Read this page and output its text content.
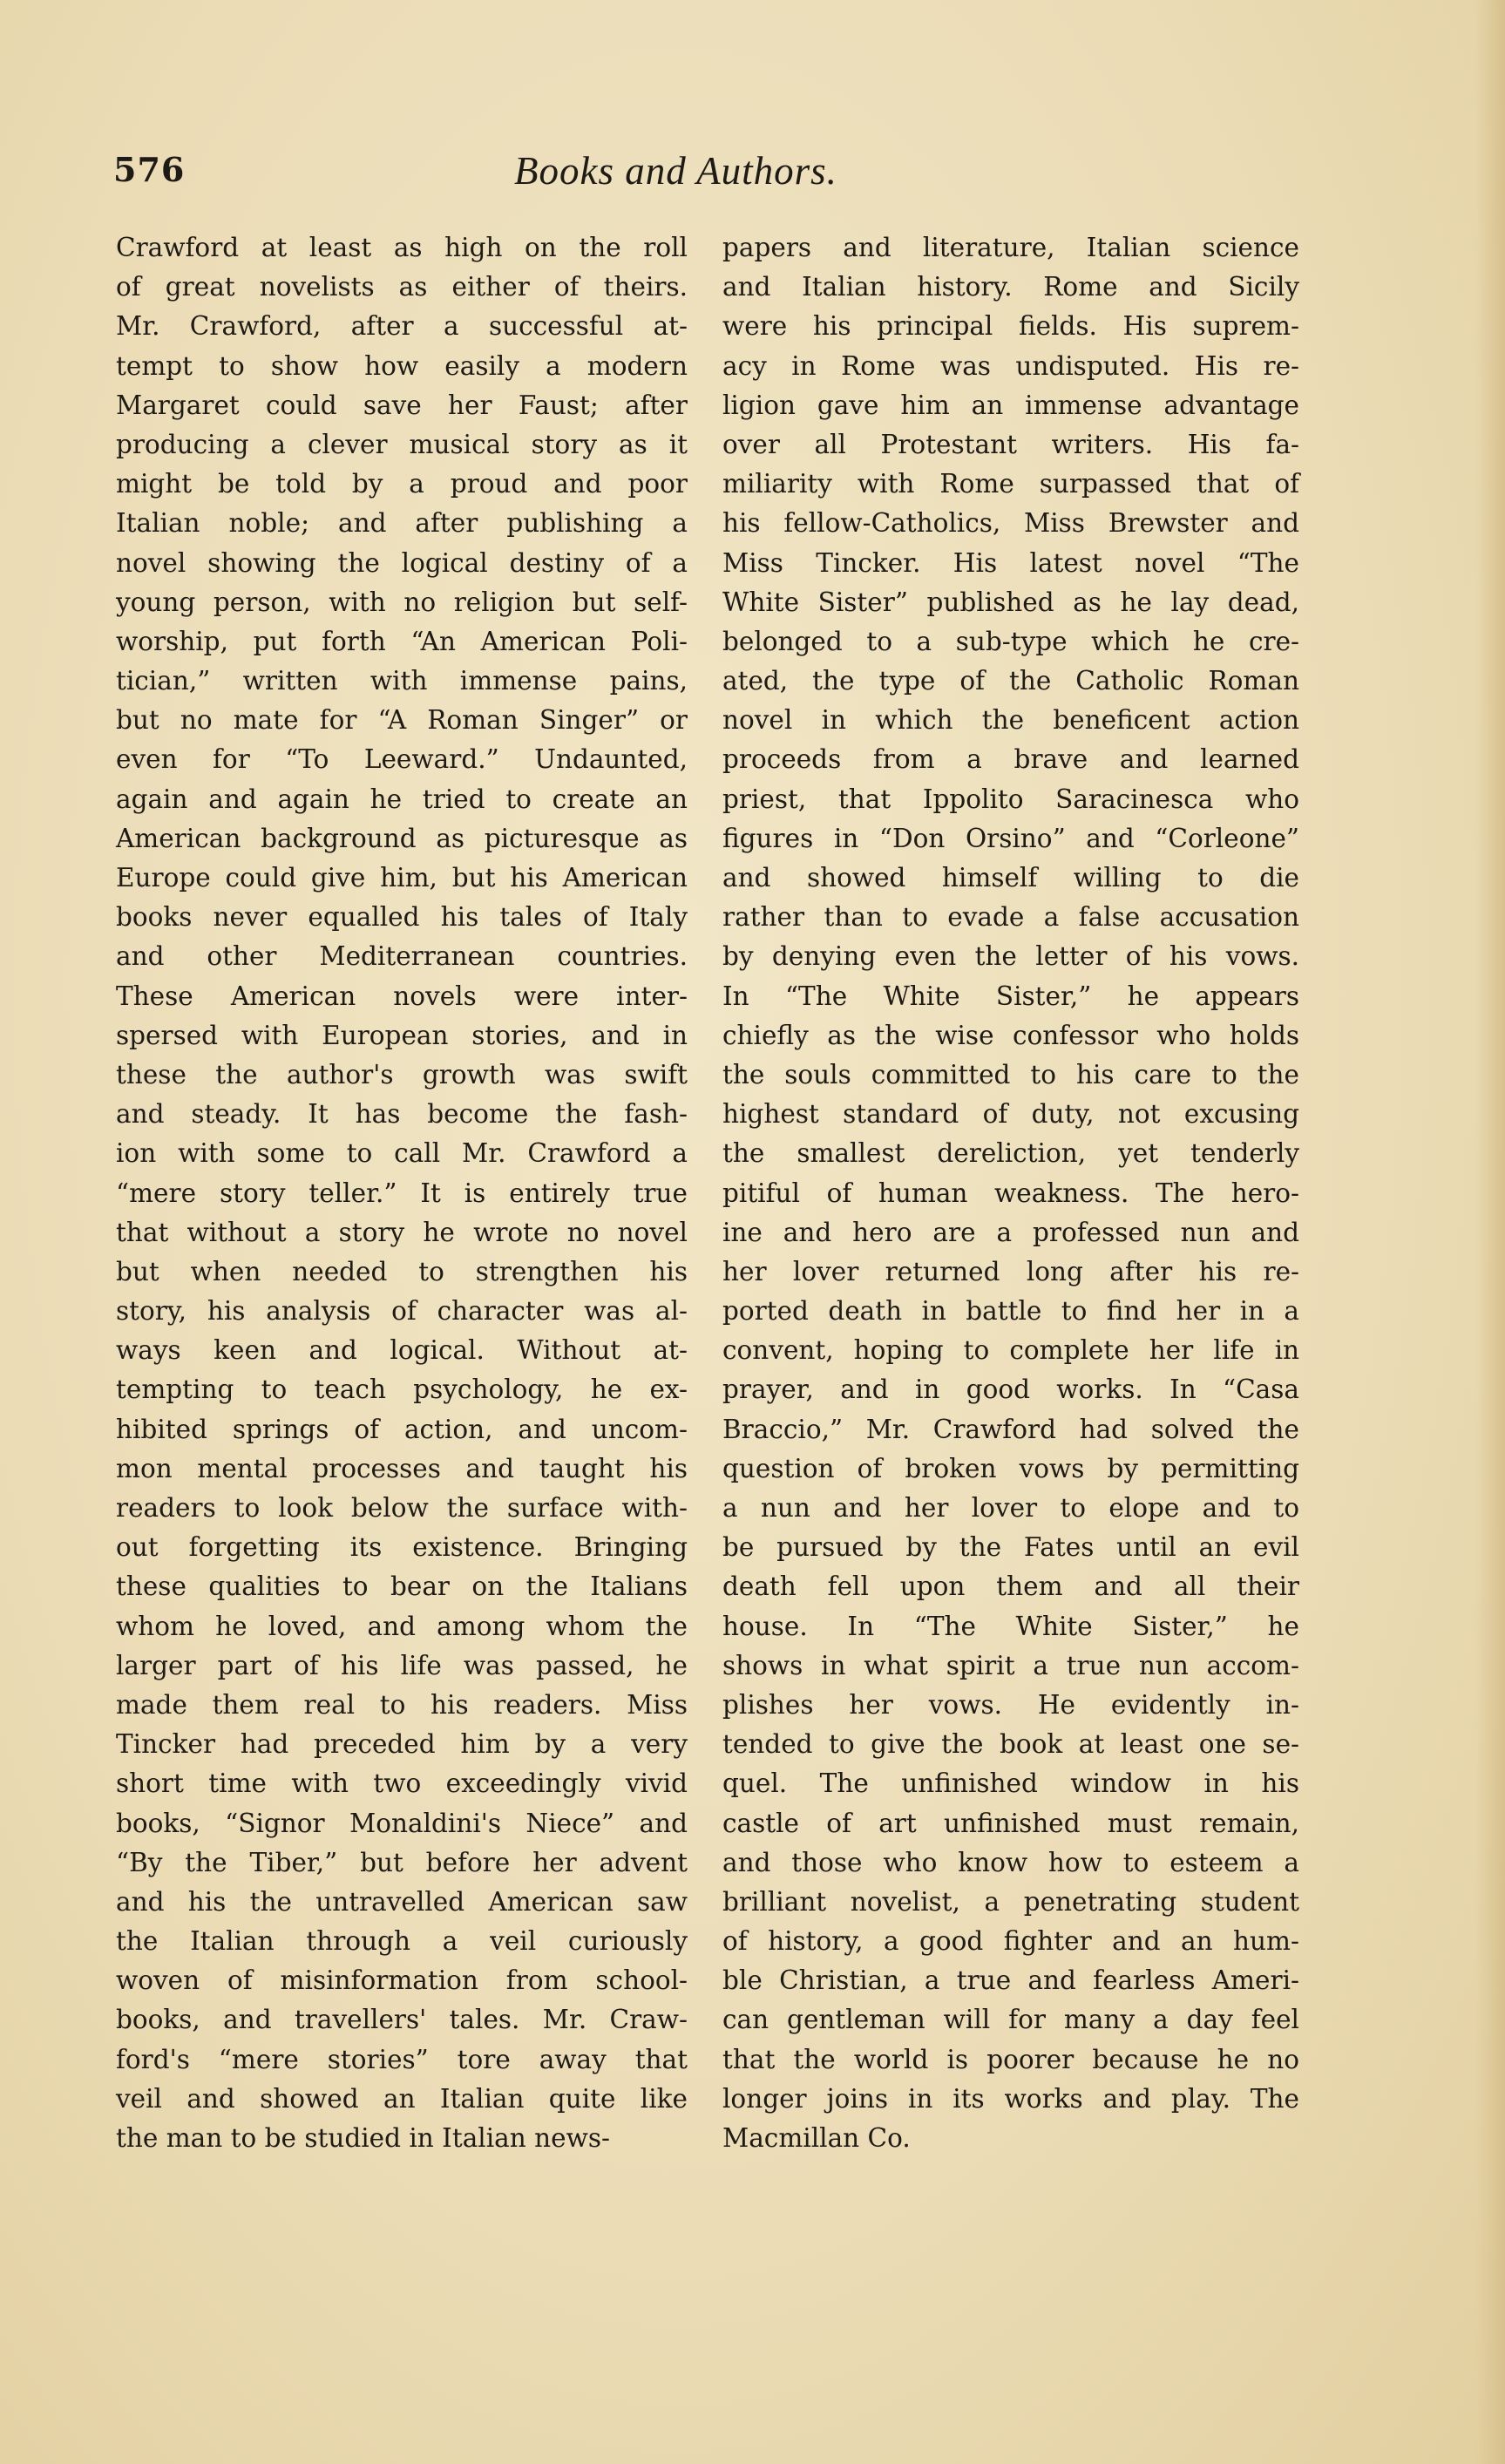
576	Books and Authors.
Crawford at least as high on the roll
of great novelists as either of theirs.
Mr. Crawford, after a successful at-
tempt to show how easily a modern
Margaret could save her Faust; after
producing a clever musical story as it
might be told by a proud and poor
Italian noble; and after publishing a
novel showing the logical destiny of a
young person, with no religion but self-
worship, put forth “An American Poli-
tician,” written with immense pains,
but no mate for “A Roman Singer” or
even for “To Leeward.” Undaunted,
again and again he tried to create an
American background as picturesque as
Europe could give him, but his American
books never equalled his tales of Italy
and other Mediterranean countries.
These American novels were inter-
spersed with European stories, and in
these the author's growth was swift
and steady. It has become the fash-
ion with some to call Mr. Crawford a
“mere story teller.” It is entirely true
that without a story he wrote no novel
but when needed to strengthen his
story, his analysis of character was al-
ways keen and logical. Without at-
tempting to teach psychology, he ex-
hibited springs of action, and uncom-
mon mental processes and taught his
readers to look below the surface with-
out forgetting its existence. Bringing
these qualities to bear on the Italians
whom he loved, and among whom the
larger part of his life was passed, he
made them real to his readers. Miss
Tincker had preceded him by a very
short time with two exceedingly vivid
books, “Signor Monaldini's Niece” and
“By the Tiber,” but before her advent
and his the untravelled American saw
the Italian through a veil curiously
woven of misinformation from school-
books, and travellers' tales. Mr. Craw-
ford's “mere stories” tore away that
veil and showed an Italian quite like
the man to be studied in Italian news-
papers and literature, Italian science
and Italian history. Rome and Sicily
were his principal fields. His suprem-
acy in Rome was undisputed. His re-
ligion gave him an immense advantage
over all Protestant writers. His fa-
miliarity with Rome surpassed that of
his fellow-Catholics, Miss Brewster and
Miss Tincker. His latest novel “The
White Sister” published as he lay dead,
belonged to a sub-type which he cre-
ated, the type of the Catholic Roman
novel in which the beneficent action
proceeds from a brave and learned
priest, that Ippolito Saracinesca who
figures in “Don Orsino” and “Corleone”
and showed himself willing to die
rather than to evade a false accusation
by denying even the letter of his vows.
In “The White Sister,” he appears
chiefly as the wise confessor who holds
the souls committed to his care to the
highest standard of duty, not excusing
the smallest dereliction, yet tenderly
pitiful of human weakness. The hero-
ine and hero are a professed nun and
her lover returned long after his re-
ported death in battle to find her in a
convent, hoping to complete her life in
prayer, and in good works. In “Casa
Braccio,” Mr. Crawford had solved the
question of broken vows by permitting
a nun and her lover to elope and to
be pursued by the Fates until an evil
death fell upon them and all their
house. In “The White Sister,” he
shows in what spirit a true nun accom-
plishes her vows. He evidently in-
tended to give the book at least one se-
quel. The unfinished window in his
castle of art unfinished must remain,
and those who know how to esteem a
brilliant novelist, a penetrating student
of history, a good fighter and an hum-
ble Christian, a true and fearless Ameri-
can gentleman will for many a day feel
that the world is poorer because he no
longer joins in its works and play. The
Macmillan Co.
